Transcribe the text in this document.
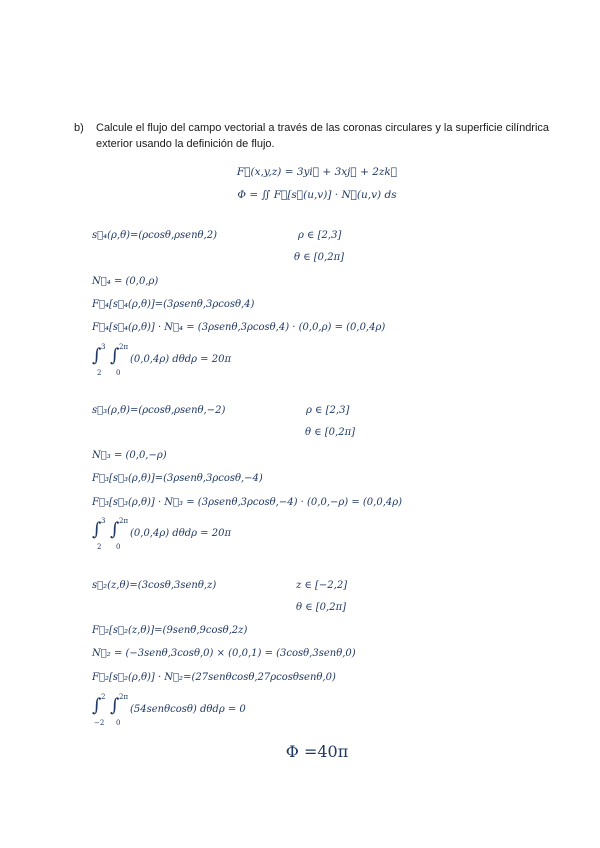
b) Calcule el flujo del campo vectorial a través de las coronas circulares y la superficie cilíndrica
exterior usando la definición de flujo.
F⃗(x,y,z) = 3yi⃗ + 3xj⃗ + 2zk⃗
Φ = ∬ F⃗[s⃗(u,v)] · N⃗(u,v) ds
s⃗₄(ρ,θ)=(ρcosθ,ρsenθ,2)	ρ ∈ [2,3]
θ ∈ [0,2π]
N⃗₄ = (0,0,ρ)
F⃗₄[s⃗₄(ρ,θ)]=(3ρsenθ,3ρcosθ,4)
F⃗₄[s⃗₄(ρ,θ)] · N⃗₄ = (3ρsenθ,3ρcosθ,4) · (0,0,ρ) = (0,0,4ρ)
∫ 3
2
∫ 2π
0
(0,0,4ρ) dθdρ = 20π
s⃗₃(ρ,θ)=(ρcosθ,ρsenθ,−2)	ρ ∈ [2,3]
θ ∈ [0,2π]
N⃗₃ = (0,0,−ρ)
F⃗₃[s⃗₃(ρ,θ)]=(3ρsenθ,3ρcosθ,−4)
F⃗₃[s⃗₃(ρ,θ)] · N⃗₃ = (3ρsenθ,3ρcosθ,−4) · (0,0,−ρ) = (0,0,4ρ)
∫ 3
2
∫ 2π
0
(0,0,4ρ) dθdρ = 20π
s⃗₂(z,θ)=(3cosθ,3senθ,z)	z ∈ [−2,2]
θ ∈ [0,2π]
F⃗₂[s⃗₂(z,θ)]=(9senθ,9cosθ,2z)
N⃗₂ = (−3senθ,3cosθ,0) × (0,0,1) = (3cosθ,3senθ,0)
F⃗₂[s⃗₂(ρ,θ)] · N⃗₂=(27senθcosθ,27ρcosθsenθ,0)
∫ 2
−2
∫ 2π
0
(54senθcosθ) dθdρ = 0
Φ =40π
